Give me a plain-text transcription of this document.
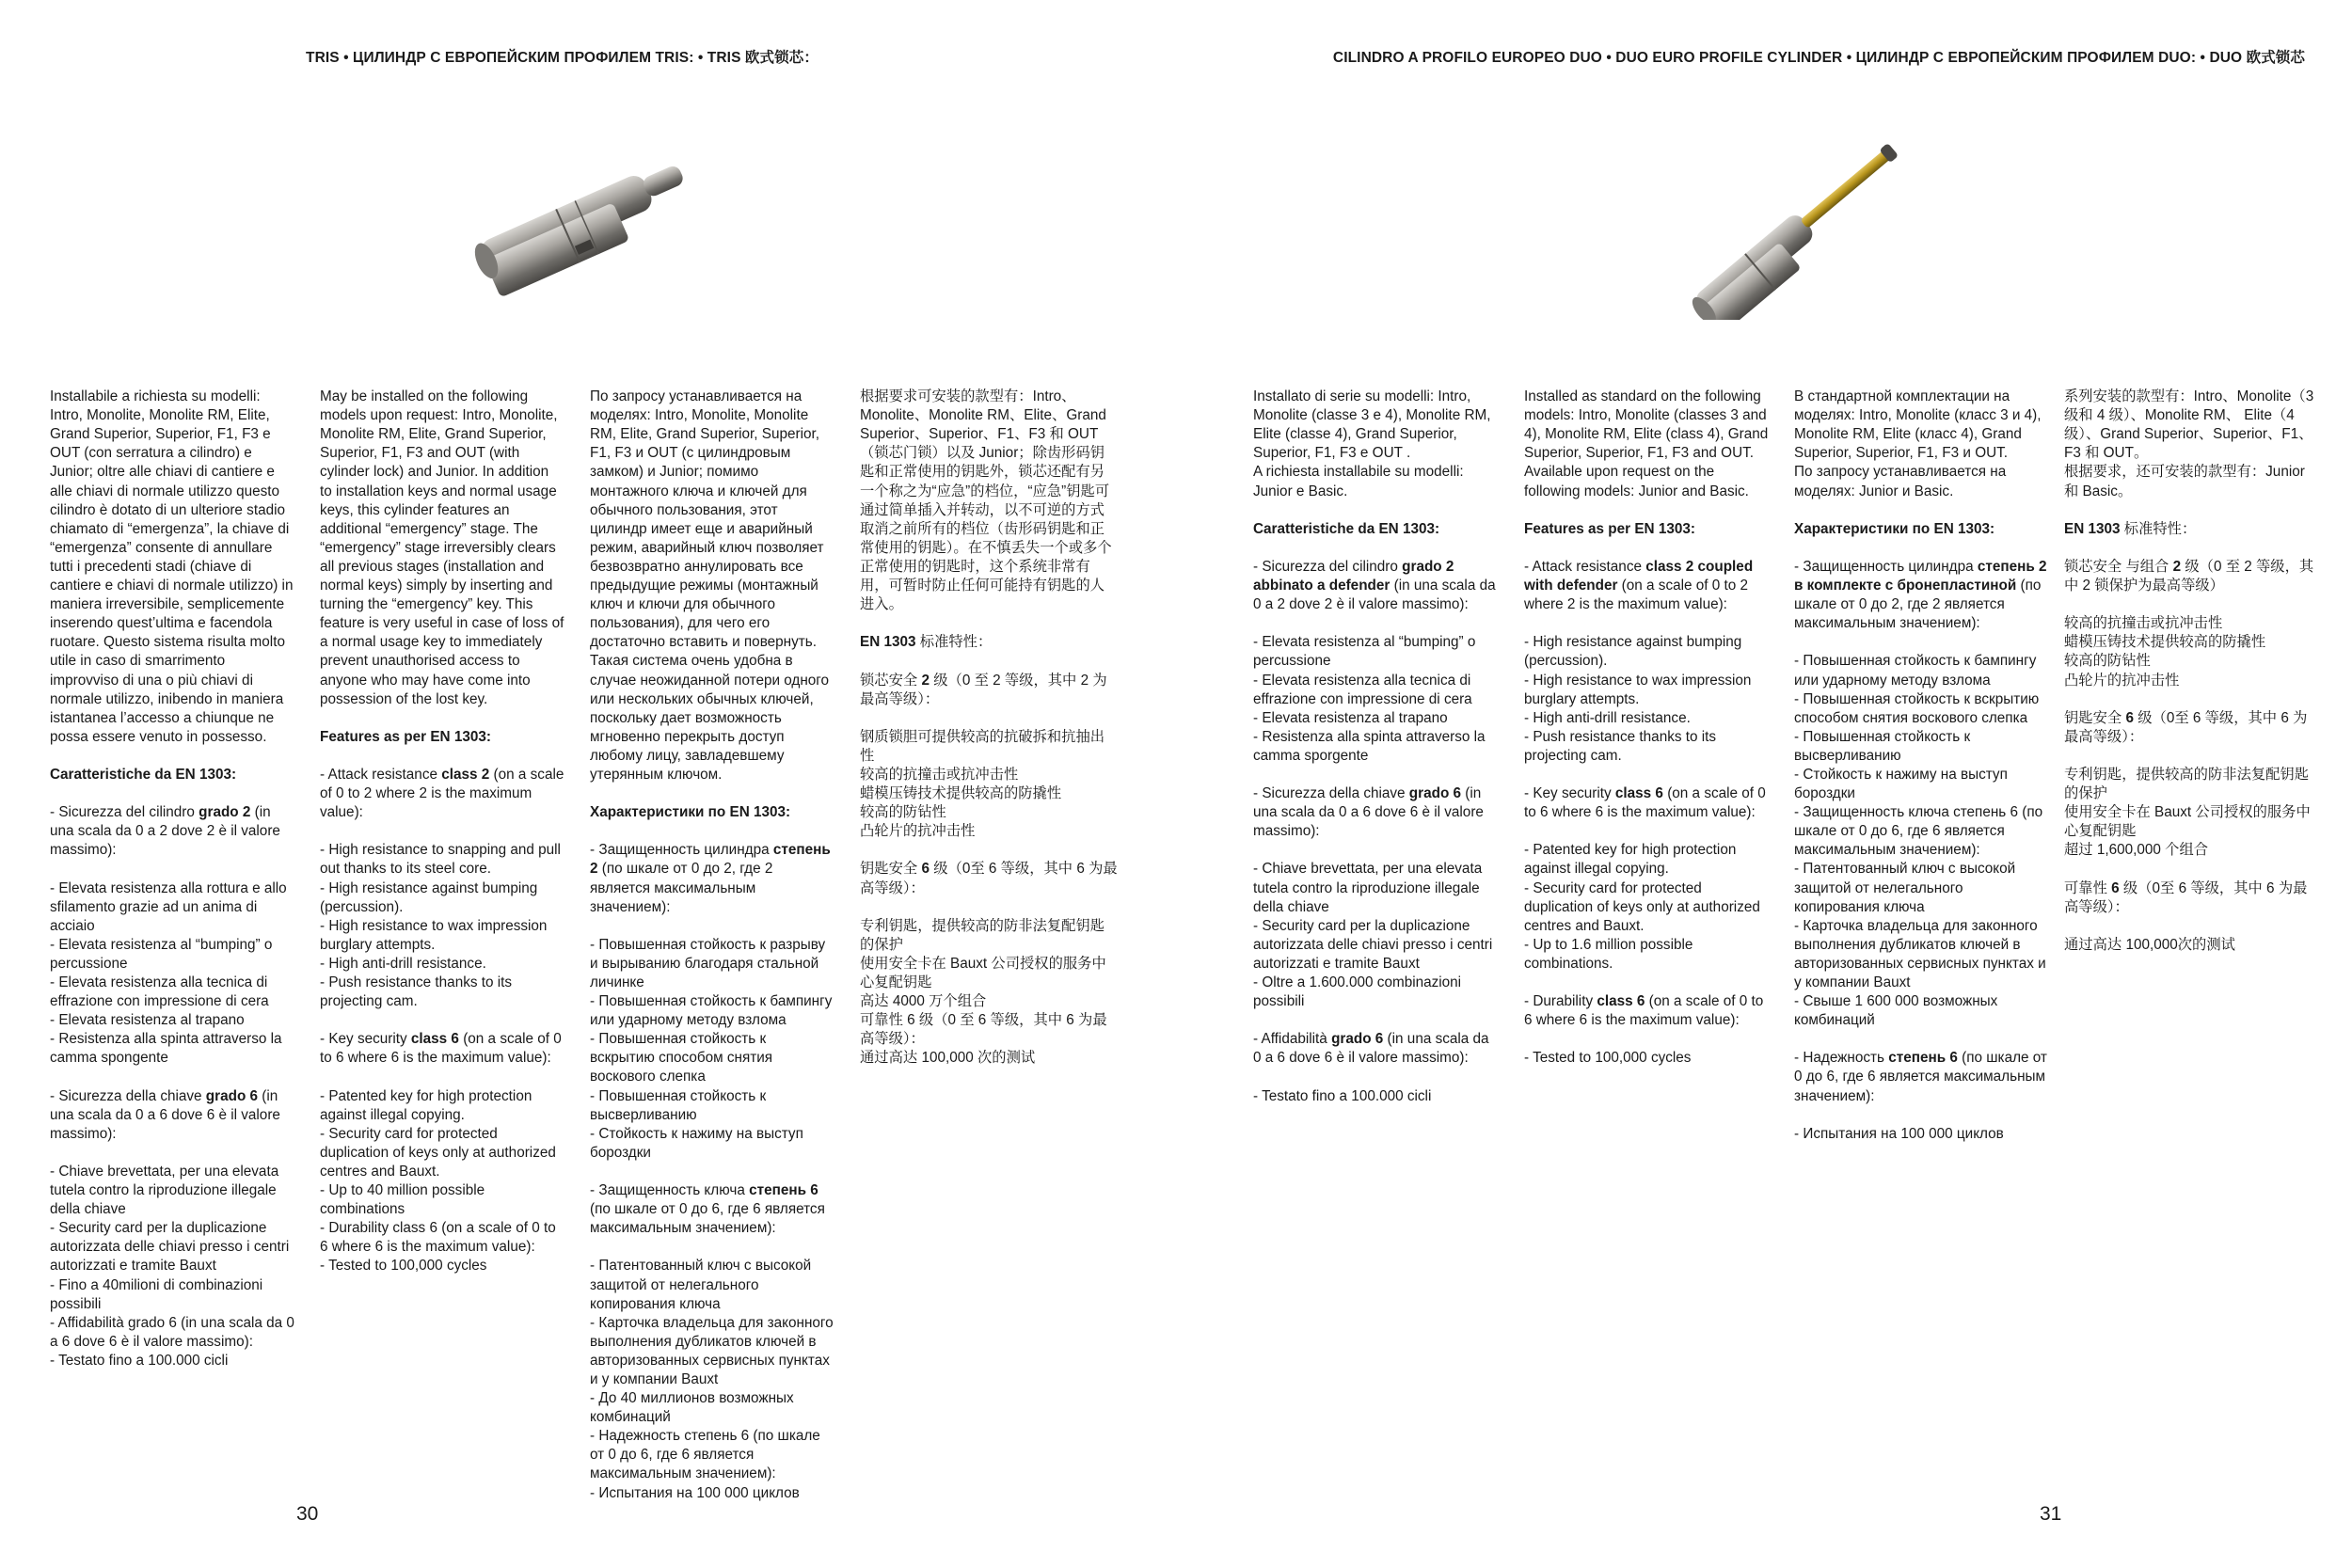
TRIS • ЦИЛИНДР С ЕВРОПЕЙСКИМ ПРОФИЛЕМ TRIS: • TRIS 欧式锁芯：	CILINDRO A PROFILO EUROPEO DUO • DUO EURO PROFILE CYLINDER • ЦИЛИНДР С ЕВРОПЕЙСКИМ ПРОФИЛЕМ DUO: • DUO 欧式锁芯

Installabile a richiesta su modelli: Intro, Monolite, Monolite RM, Elite, Grand Superior, Superior, F1, F3 e OUT (con serratura a cilindro) e Junior; oltre alle chiavi di cantiere e alle chiavi di normale utilizzo questo cilindro è dotato di un ulteriore stadio chiamato di “emergenza”, la chiave di “emergenza” consente di annullare tutti i precedenti stadi (chiave di cantiere e chiavi di normale utilizzo) in maniera irreversibile, semplicemente inserendo quest’ultima e facendola ruotare. Questo sistema risulta molto utile in caso di smarrimento improvviso di una o più chiavi di normale utilizzo, inibendo in maniera istantanea l’accesso a chiunque ne possa essere venuto in possesso.

Caratteristiche da EN 1303:

- Sicurezza del cilindro grado 2 (in una scala da 0 a 2 dove 2 è il valore massimo):

- Elevata resistenza alla rottura e allo sfilamento grazie ad un anima di acciaio
- Elevata resistenza al “bumping” o percussione
- Elevata resistenza alla tecnica di effrazione con impressione di cera
- Elevata resistenza al trapano
- Resistenza alla spinta attraverso la camma spongente

- Sicurezza della chiave grado 6 (in una scala da 0 a 6 dove 6 è il valore massimo):

- Chiave brevettata, per una elevata tutela contro la riproduzione illegale della chiave
- Security card per la duplicazione autorizzata delle chiavi presso i centri autorizzati e tramite Bauxt
- Fino a 40milioni di combinazioni possibili
- Affidabilità grado 6 (in una scala da 0 a 6 dove 6 è il valore massimo):
- Testato fino a 100.000 cicli

May be installed on the following models upon request: Intro, Monolite, Monolite RM, Elite, Grand Superior, Superior, F1, F3 and OUT (with cylinder lock) and Junior. In addition to installation keys and normal usage keys, this cylinder features an additional “emergency” stage. The “emergency” stage irreversibly clears all previous stages (installation and normal keys) simply by inserting and turning the “emergency” key. This feature is very useful in case of loss of a normal usage key to immediately prevent unauthorised access to anyone who may have come into possession of the lost key.

Features as per EN 1303:

- Attack resistance class 2 (on a scale of 0 to 2 where 2 is the maximum value):

- High resistance to snapping and pull out thanks to its steel core.
- High resistance against bumping (percussion).
- High resistance to wax impression burglary attempts.
- High anti-drill resistance.
- Push resistance thanks to its projecting cam.

- Key security class 6 (on a scale of 0 to 6 where 6 is the maximum value):

- Patented key for high protection against illegal copying.
- Security card for protected duplication of keys only at authorized centres and Bauxt.
- Up to 40 million possible combinations
- Durability class 6 (on a scale of 0 to 6 where 6 is the maximum value):
- Tested to 100,000 cycles

По запросу устанавливается на моделях: Intro, Monolite, Monolite RM, Elite, Grand Superior, Superior, F1, F3 и OUT (с цилиндровым замком) и Junior; помимо монтажного ключа и ключей для обычного пользования, этот цилиндр имеет еще и аварийный режим, аварийный ключ позволяет безвозвратно аннулировать все предыдущие режимы (монтажный ключ и ключи для обычного пользования), для чего его достаточно вставить и повернуть. Такая система очень удобна в случае неожиданной потери одного или нескольких обычных ключей, поскольку дает возможность мгновенно перекрыть доступ любому лицу, завладевшему утерянным ключом.

Характеристики по EN 1303:

- Защищенность цилиндра степень 2 (по шкале от 0 до 2, где 2 является максимальным значением):

- Повышенная стойкость к разрыву и вырыванию благодаря стальной личинке
- Повышенная стойкость к бампингу или ударному методу взлома
- Повышенная стойкость к вскрытию способом снятия воскового слепка
- Повышенная стойкость к высверливанию
- Стойкость к нажиму на выступ бороздки

- Защищенность ключа степень 6 (по шкале от 0 до 6, где 6 является максимальным значением):

- Патентованный ключ с высокой защитой от нелегального копирования ключа
- Карточка владельца для законного выполнения дубликатов ключей в авторизованных сервисных пунктах и у компании Bauxt
- До 40 миллионов возможных комбинаций
- Надежность степень 6 (по шкале от 0 до 6, где 6 является максимальным значением):
- Испытания на 100 000 циклов

根据要求可安装的款型有：Intro、 Monolite、Monolite RM、Elite、Grand Superior、Superior、F1、F3 和 OUT（锁芯门锁）以及 Junior；除齿形码钥匙和正常使用的钥匙外，锁芯还配有另一个称之为“应急”的档位，“应急”钥匙可通过简单插入并转动，以不可逆的方式取消之前所有的档位（齿形码钥匙和正常使用的钥匙）。在不慎丢失一个或多个正常使用的钥匙时，这个系统非常有用，可暂时防止任何可能持有钥匙的人进入。

EN 1303 标准特性：

锁芯安全 2 级（0 至 2 等级，其中 2 为最高等级）：

钢质锁胆可提供较高的抗破拆和抗抽出性
较高的抗撞击或抗冲击性
蜡模压铸技术提供较高的防撬性
较高的防钻性
凸轮片的抗冲击性

钥匙安全 6 级（0至 6 等级，其中 6 为最高等级）：

专利钥匙，提供较高的防非法复配钥匙的保护
使用安全卡在 Bauxt 公司授权的服务中心复配钥匙
高达 4000 万个组合
可靠性 6 级（0 至 6 等级，其中 6 为最高等级）：
通过高达 100,000 次的测试

Installato di serie su modelli: Intro, Monolite (classe 3 e 4), Monolite RM, Elite (classe 4), Grand Superior, Superior, F1, F3 e OUT .
A richiesta installabile su modelli: Junior e Basic.

Caratteristiche da EN 1303:

- Sicurezza del cilindro grado 2 abbinato a defender (in una scala da 0 a 2 dove 2 è il valore massimo):

- Elevata resistenza al “bumping” o percussione
- Elevata resistenza alla tecnica di effrazione con impressione di cera
- Elevata resistenza al trapano
- Resistenza alla spinta attraverso la camma sporgente

- Sicurezza della chiave grado 6 (in una scala da 0 a 6 dove 6 è il valore massimo):

- Chiave brevettata, per una elevata tutela contro la riproduzione illegale della chiave
- Security card per la duplicazione autorizzata delle chiavi presso i centri autorizzati e tramite Bauxt
- Oltre a 1.600.000 combinazioni possibili

- Affidabilità grado 6 (in una scala da 0 a 6 dove 6 è il valore massimo):

- Testato fino a 100.000 cicli

Installed as standard on the following models: Intro, Monolite (classes 3 and 4), Monolite RM, Elite (class 4), Grand Superior, Superior, F1, F3 and OUT.
Available upon request on the following models: Junior and Basic.

Features as per EN 1303:

- Attack resistance class 2 coupled with defender (on a scale of 0 to 2 where 2 is the maximum value):

- High resistance against bumping (percussion).
- High resistance to wax impression burglary attempts.
- High anti-drill resistance.
- Push resistance thanks to its projecting cam.

- Key security class 6 (on a scale of 0 to 6 where 6 is the maximum value):

- Patented key for high protection against illegal copying.
- Security card for protected duplication of keys only at authorized centres and Bauxt.
- Up to 1.6 million possible combinations.

- Durability class 6 (on a scale of 0 to 6 where 6 is the maximum value):

- Tested to 100,000 cycles

В стандартной комплектации на моделях: Intro, Monolite (класс 3 и 4), Monolite RM, Elite (класс 4), Grand Superior, Superior, F1, F3 и OUT.
По запросу устанавливается на моделях: Junior и Basic.

Характеристики по EN 1303:

- Защищенность цилиндра степень 2 в комплекте с бронепластиной (по шкале от 0 до 2, где 2 является максимальным значением):

- Повышенная стойкость к бампингу или ударному методу взлома
- Повышенная стойкость к вскрытию способом снятия воскового слепка
- Повышенная стойкость к высверливанию
- Стойкость к нажиму на выступ бороздки
- Защищенность ключа степень 6 (по шкале от 0 до 6, где 6 является максимальным значением):
- Патентованный ключ с высокой защитой от нелегального копирования ключа
- Карточка владельца для законного выполнения дубликатов ключей в авторизованных сервисных пунктах и у компании Bauxt
- Свыше 1 600 000 возможных комбинаций

- Надежность степень 6 (по шкале от 0 до 6, где 6 является максимальным значением):

- Испытания на 100 000 циклов

系列安装的款型有：Intro、Monolite（3 级和 4 级）、Monolite RM、 Elite（4 级）、Grand Superior、Superior、F1、F3 和 OUT。
根据要求，还可安装的款型有：Junior 和 Basic。

EN 1303 标准特性：

锁芯安全 与组合 2 级（0 至 2 等级，其中 2 锁保护为最高等级）

较高的抗撞击或抗冲击性
蜡模压铸技术提供较高的防撬性
较高的防钻性
凸轮片的抗冲击性

钥匙安全 6 级（0至 6 等级，其中 6 为最高等级）：

专利钥匙，提供较高的防非法复配钥匙的保护
使用安全卡在 Bauxt 公司授权的服务中心复配钥匙
超过 1,600,000 个组合

可靠性 6 级（0至 6 等级，其中 6 为最高等级）：

通过高达 100,000次的测试

30	31
